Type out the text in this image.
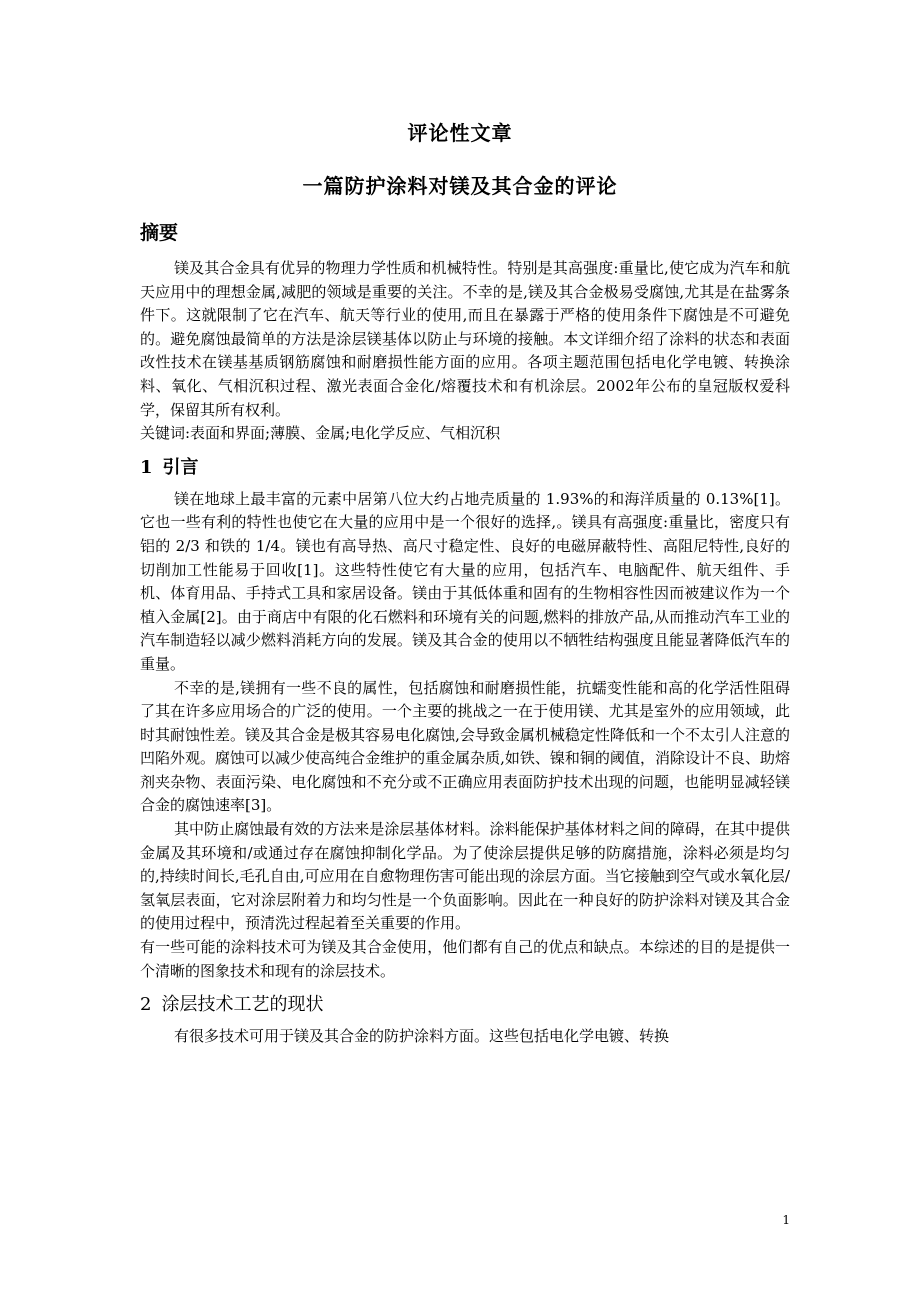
评论性文章
一篇防护涂料对镁及其合金的评论
摘要

镁及其合金具有优异的物理力学性质和机械特性。特别是其高强度:重量比,使它成为汽车和航天应用中的理想金属,减肥的领域是重要的关注。不幸的是,镁及其合金极易受腐蚀,尤其是在盐雾条件下。这就限制了它在汽车、航天等行业的使用,而且在暴露于严格的使用条件下腐蚀是不可避免的。避免腐蚀最简单的方法是涂层镁基体以防止与环境的接触。本文详细介绍了涂料的状态和表面改性技术在镁基基质钢筋腐蚀和耐磨损性能方面的应用。各项主题范围包括电化学电镀、转换涂料、氧化、气相沉积过程、激光表面合金化/熔覆技术和有机涂层。2002年公布的皇冠版权爱科学，保留其所有权利。

关键词:表面和界面;薄膜、金属;电化学反应、气相沉积

1 引言

镁在地球上最丰富的元素中居第八位大约占地壳质量的 1.93%的和海洋质量的 0.13%[1]。它也一些有利的特性也使它在大量的应用中是一个很好的选择,。镁具有高强度:重量比，密度只有铝的 2/3 和铁的 1/4。镁也有高导热、高尺寸稳定性、良好的电磁屏蔽特性、高阻尼特性,良好的切削加工性能易于回收[1]。这些特性使它有大量的应用，包括汽车、电脑配件、航天组件、手机、体育用品、手持式工具和家居设备。镁由于其低体重和固有的生物相容性因而被建议作为一个植入金属[2]。由于商店中有限的化石燃料和环境有关的问题,燃料的排放产品,从而推动汽车工业的汽车制造轻以减少燃料消耗方向的发展。镁及其合金的使用以不牺牲结构强度且能显著降低汽车的重量。

不幸的是,镁拥有一些不良的属性，包括腐蚀和耐磨损性能，抗蠕变性能和高的化学活性阻碍了其在许多应用场合的广泛的使用。一个主要的挑战之一在于使用镁、尤其是室外的应用领域，此时其耐蚀性差。镁及其合金是极其容易电化腐蚀,会导致金属机械稳定性降低和一个不太引人注意的凹陷外观。腐蚀可以减少使高纯合金维护的重金属杂质,如铁、镍和铜的阈值，消除设计不良、助熔剂夹杂物、表面污染、电化腐蚀和不充分或不正确应用表面防护技术出现的问题，也能明显减轻镁合金的腐蚀速率[3]。

其中防止腐蚀最有效的方法来是涂层基体材料。涂料能保护基体材料之间的障碍，在其中提供金属及其环境和/或通过存在腐蚀抑制化学品。为了使涂层提供足够的防腐措施，涂料必须是均匀的,持续时间长,毛孔自由,可应用在自愈物理伤害可能出现的涂层方面。当它接触到空气或水氧化层/氢氧层表面，它对涂层附着力和均匀性是一个负面影响。因此在一种良好的防护涂料对镁及其合金的使用过程中，预清洗过程起着至关重要的作用。

有一些可能的涂料技术可为镁及其合金使用，他们都有自己的优点和缺点。本综述的目的是提供一个清晰的图象技术和现有的涂层技术。

2 涂层技术工艺的现状

有很多技术可用于镁及其合金的防护涂料方面。这些包括电化学电镀、转换

1
